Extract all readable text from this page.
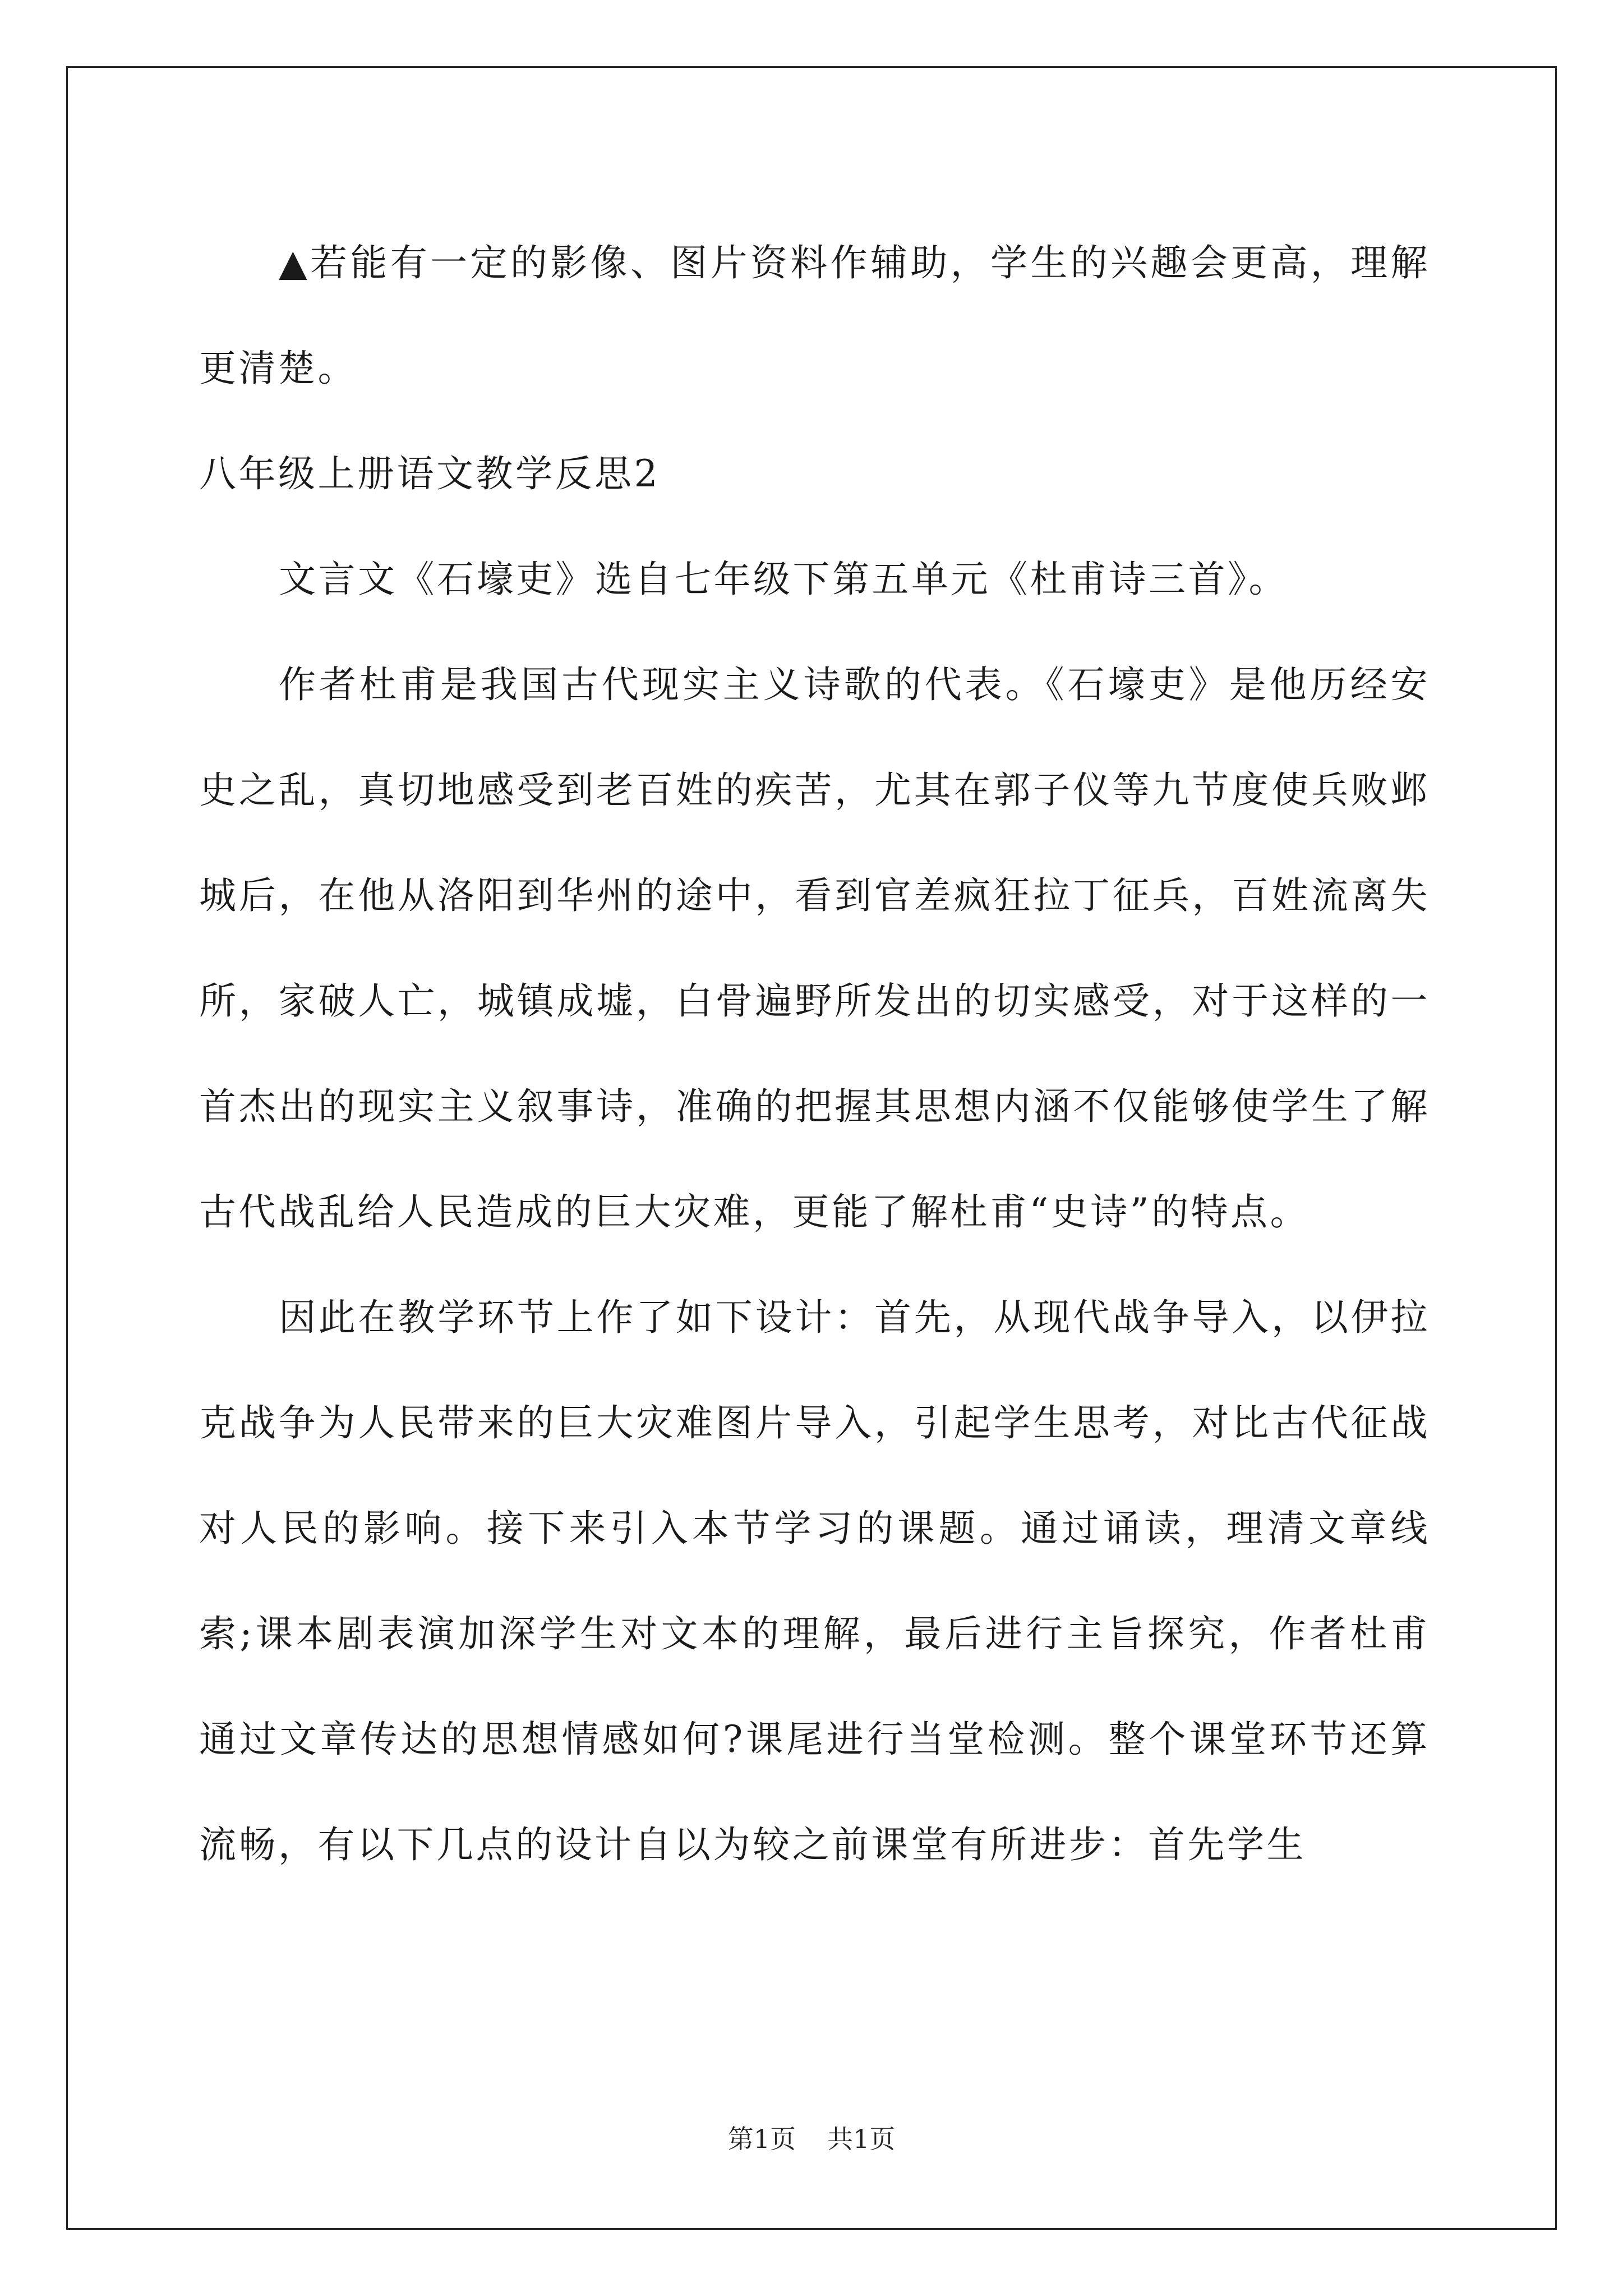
▲若能有一定的影像、图片资料作辅助，学生的兴趣会更高，理解更清楚。

八年级上册语文教学反思2

文言文《石壕吏》选自七年级下第五单元《杜甫诗三首》。

作者杜甫是我国古代现实主义诗歌的代表。《石壕吏》是他历经安史之乱，真切地感受到老百姓的疾苦，尤其在郭子仪等九节度使兵败邺城后，在他从洛阳到华州的途中，看到官差疯狂拉丁征兵，百姓流离失所，家破人亡，城镇成墟，白骨遍野所发出的切实感受，对于这样的一首杰出的现实主义叙事诗，准确的把握其思想内涵不仅能够使学生了解古代战乱给人民造成的巨大灾难，更能了解杜甫“史诗”的特点。

因此在教学环节上作了如下设计：首先，从现代战争导入，以伊拉克战争为人民带来的巨大灾难图片导入，引起学生思考，对比古代征战对人民的影响。接下来引入本节学习的课题。通过诵读，理清文章线索;课本剧表演加深学生对文本的理解，最后进行主旨探究，作者杜甫通过文章传达的思想情感如何?课尾进行当堂检测。整个课堂环节还算流畅，有以下几点的设计自以为较之前课堂有所进步：首先学生

第1页 共1页
